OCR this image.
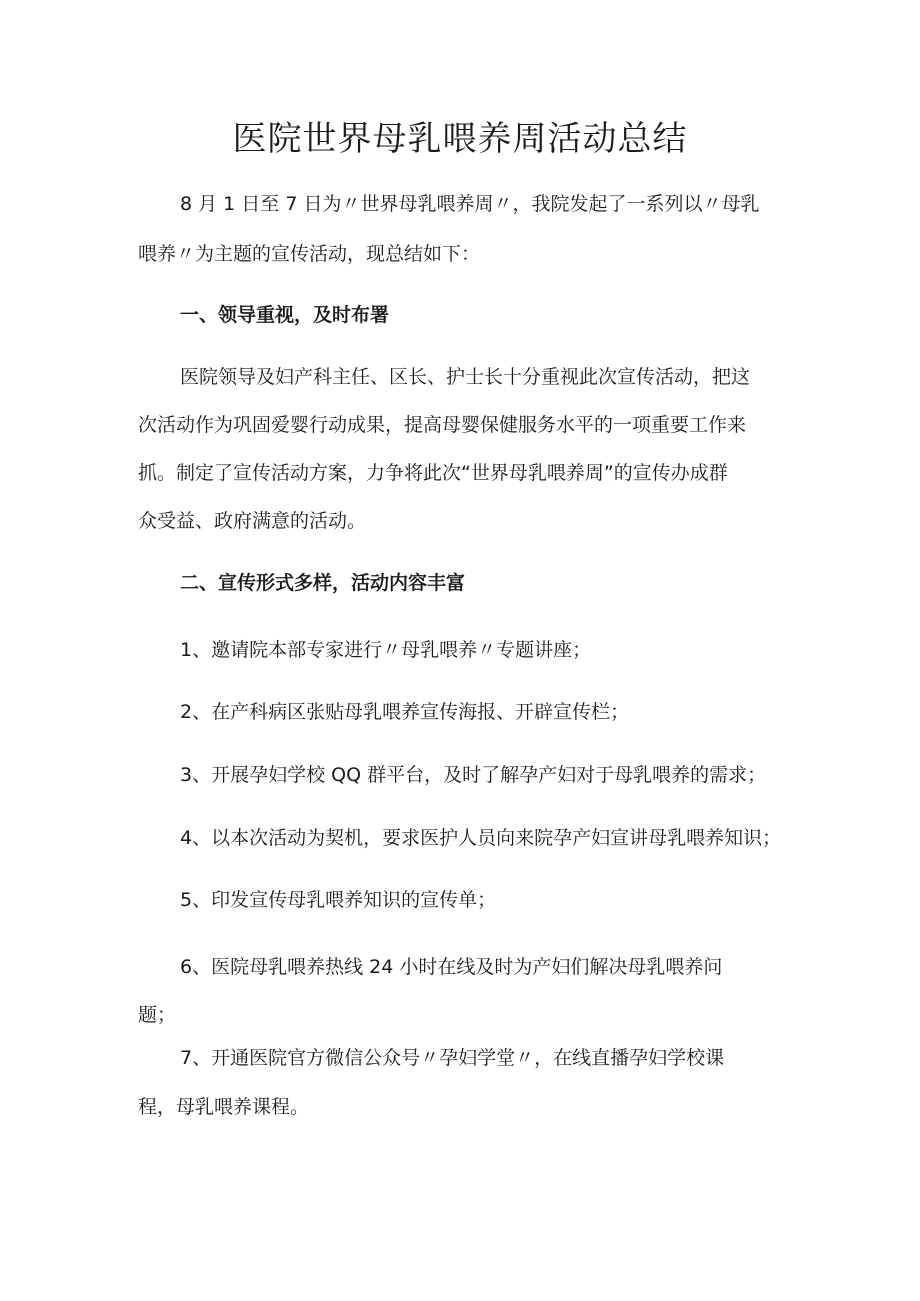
医院世界母乳喂养周活动总结

8 月 1 日至 7 日为〃世界母乳喂养周〃，我院发起了一系列以〃母乳

喂养〃为主题的宣传活动，现总结如下：

一、领导重视，及时布署

医院领导及妇产科主任、区长、护士长十分重视此次宣传活动，把这

次活动作为巩固爱婴行动成果，提高母婴保健服务水平的一项重要工作来

抓。制定了宣传活动方案，力争将此次“世界母乳喂养周”的宣传办成群

众受益、政府满意的活动。

二、宣传形式多样，活动内容丰富

1、邀请院本部专家进行〃母乳喂养〃专题讲座；

2、在产科病区张贴母乳喂养宣传海报、开辟宣传栏；

3、开展孕妇学校 QQ 群平台，及时了解孕产妇对于母乳喂养的需求；

4、以本次活动为契机，要求医护人员向来院孕产妇宣讲母乳喂养知识；

5、印发宣传母乳喂养知识的宣传单；

6、医院母乳喂养热线 24 小时在线及时为产妇们解决母乳喂养问

题；

7、开通医院官方微信公众号〃孕妇学堂〃，在线直播孕妇学校课

程，母乳喂养课程。
